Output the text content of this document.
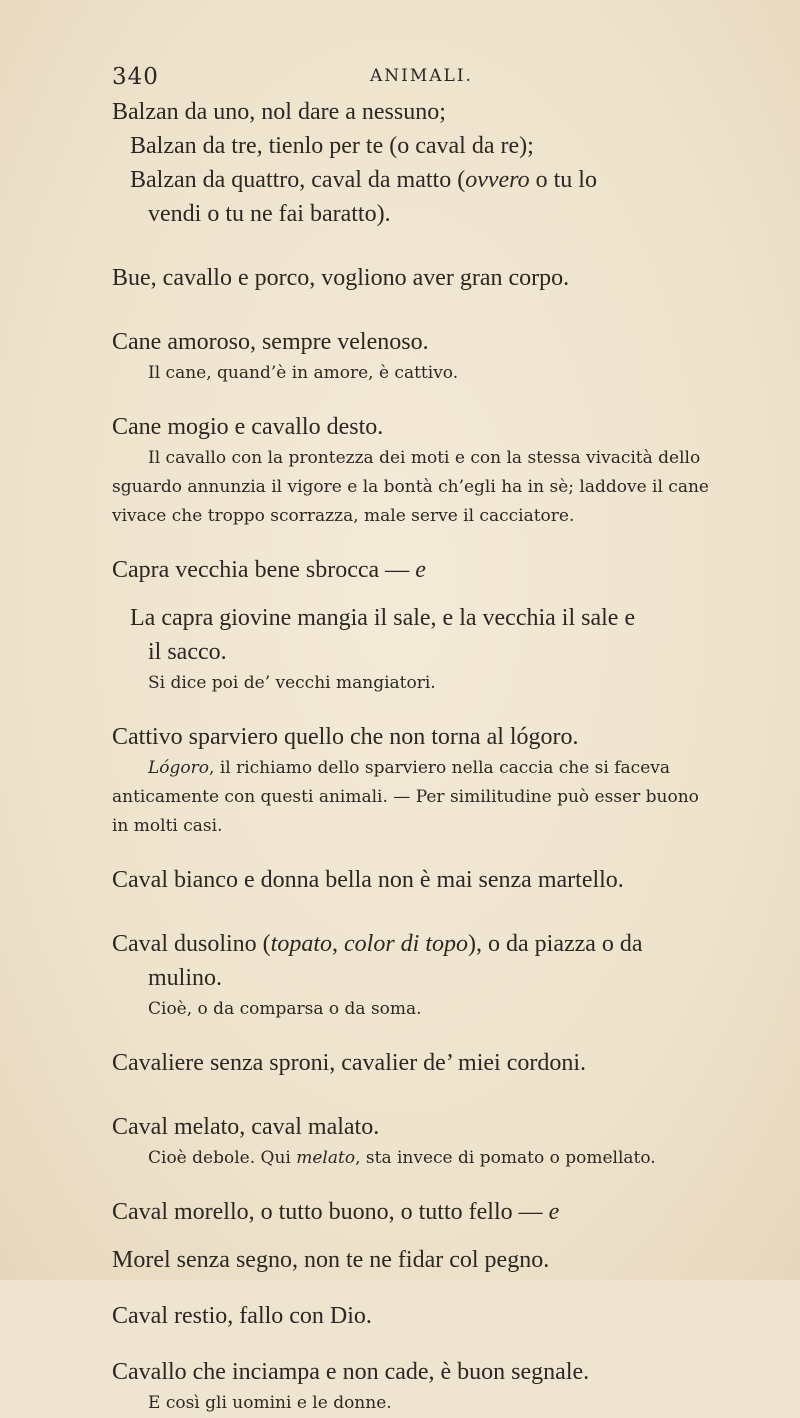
340	ANIMALI.

Balzan da uno, nol dare a nessuno;

Balzan da tre, tienlo per te (o caval da re);

Balzan da quattro, caval da matto (ovvero o tu lo

vendi o tu ne fai baratto).

Bue, cavallo e porco, vogliono aver gran corpo.

Cane amoroso, sempre velenoso.

Il cane, quand’è in amore, è cattivo.

Cane mogio e cavallo desto.

Il cavallo con la prontezza dei moti e con la stessa vivacità dello sguardo annunzia il vigore e la bontà ch’egli ha in sè; laddove il cane vivace che troppo scorrazza, male serve il cacciatore.

Capra vecchia bene sbrocca — e

La capra giovine mangia il sale, e la vecchia il sale e

il sacco.

Si dice poi de’ vecchi mangiatori.

Cattivo sparviero quello che non torna al lógoro.

Lógoro, il richiamo dello sparviero nella caccia che si faceva anticamente con questi animali. — Per similitudine può esser buono in molti casi.

Caval bianco e donna bella non è mai senza martello.

Caval dusolino (topato, color di topo), o da piazza o da

mulino.

Cioè, o da comparsa o da soma.

Cavaliere senza sproni, cavalier de’ miei cordoni.

Caval melato, caval malato.

Cioè debole. Qui melato, sta invece di pomato o pomellato.

Caval morello, o tutto buono, o tutto fello — e

Morel senza segno, non te ne fidar col pegno.

Caval restio, fallo con Dio.

Cavallo che inciampa e non cade, è buon segnale.

E così gli uomini e le donne.
